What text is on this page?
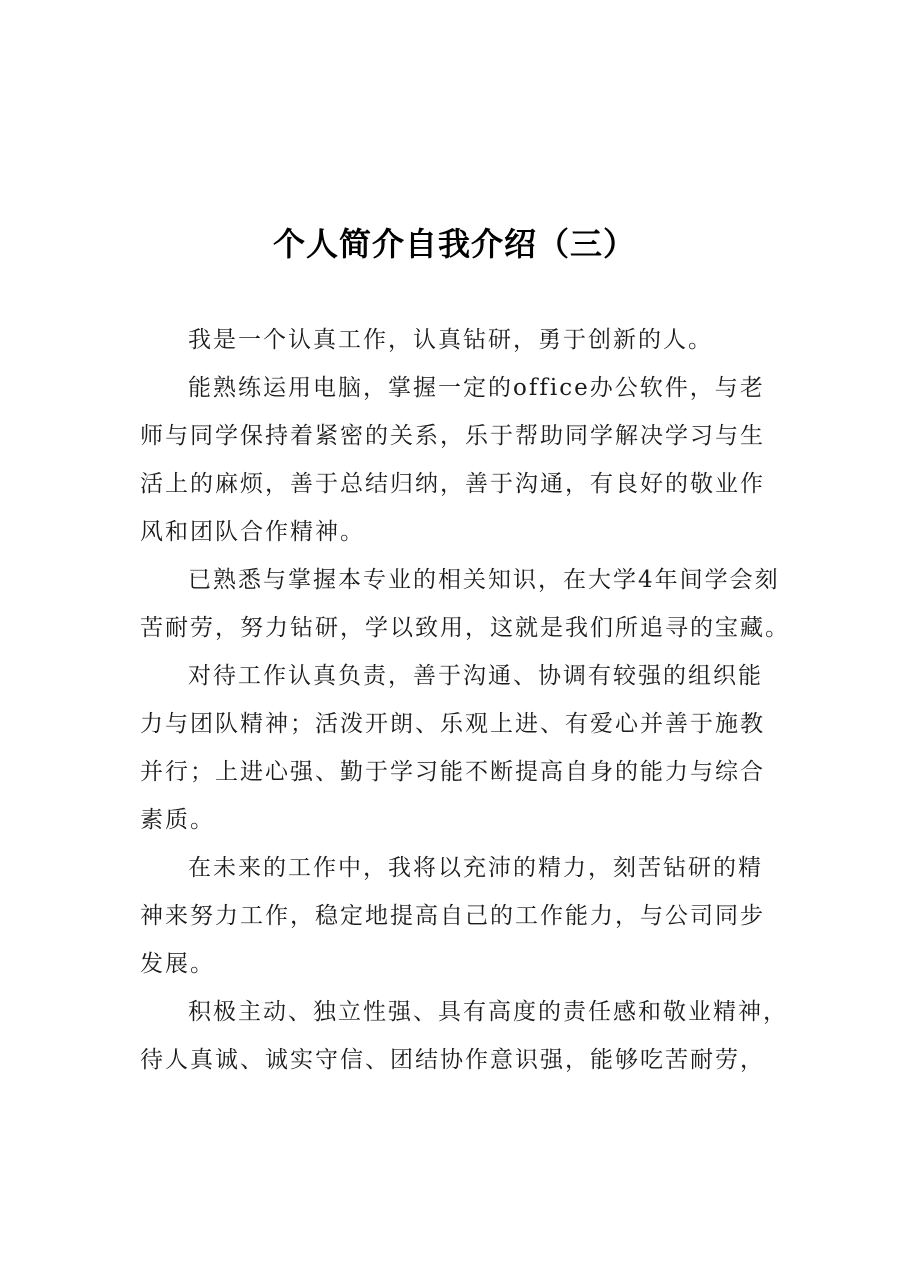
个人简介自我介绍（三）
我是一个认真工作，认真钻研，勇于创新的人。
能熟练运用电脑，掌握一定的office办公软件，与老
师与同学保持着紧密的关系，乐于帮助同学解决学习与生
活上的麻烦，善于总结归纳，善于沟通，有良好的敬业作
风和团队合作精神。
已熟悉与掌握本专业的相关知识，在大学4年间学会刻
苦耐劳，努力钻研，学以致用，这就是我们所追寻的宝藏。
对待工作认真负责，善于沟通、协调有较强的组织能
力与团队精神；活泼开朗、乐观上进、有爱心并善于施教
并行；上进心强、勤于学习能不断提高自身的能力与综合
素质。
在未来的工作中，我将以充沛的精力，刻苦钻研的精
神来努力工作，稳定地提高自己的工作能力，与公司同步
发展。
积极主动、独立性强、具有高度的责任感和敬业精神，
待人真诚、诚实守信、团结协作意识强，能够吃苦耐劳，
